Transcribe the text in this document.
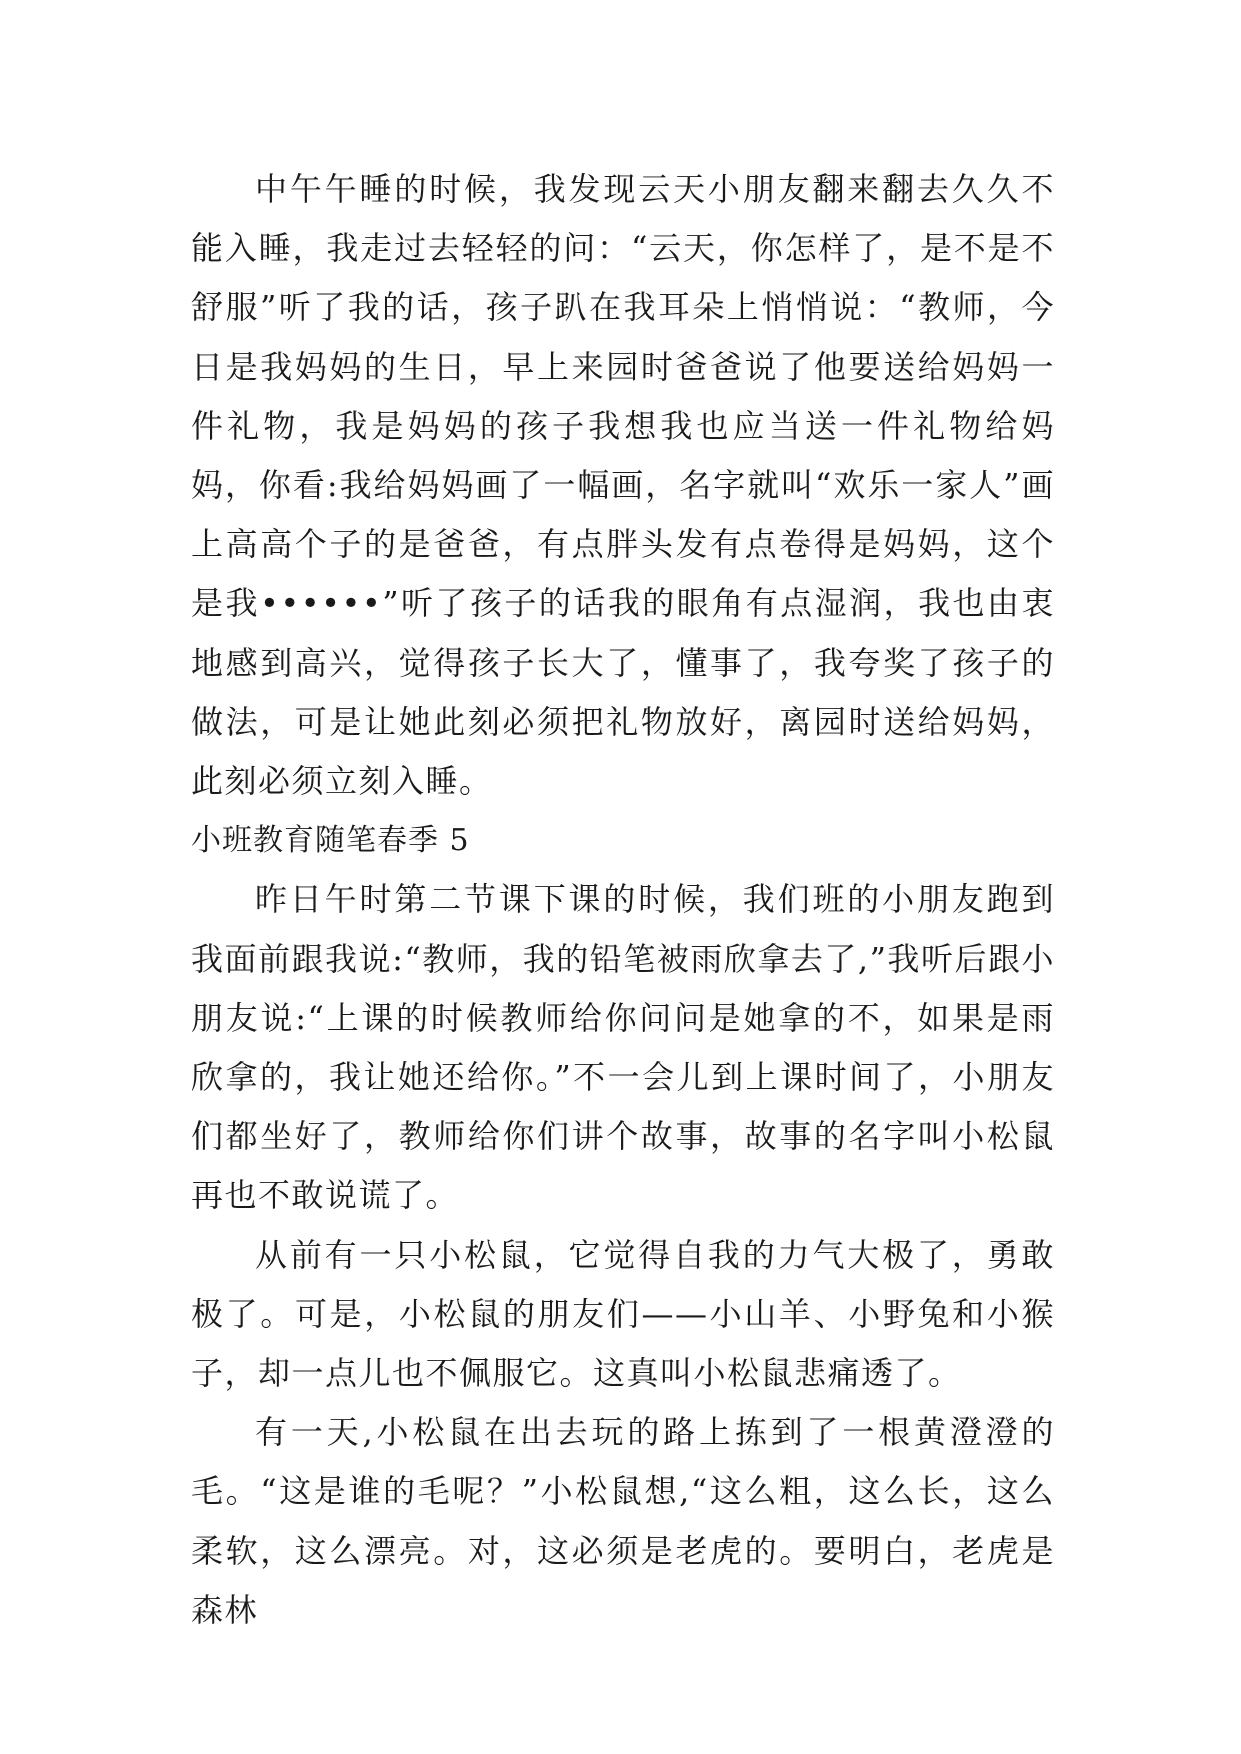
中午午睡的时候，我发现云天小朋友翻来翻去久久不能入睡，我走过去轻轻的问：“云天，你怎样了，是不是不舒服”听了我的话，孩子趴在我耳朵上悄悄说：“教师，今日是我妈妈的生日，早上来园时爸爸说了他要送给妈妈一件礼物，我是妈妈的孩子我想我也应当送一件礼物给妈妈，你看:我给妈妈画了一幅画，名字就叫“欢乐一家人”画上高高个子的是爸爸，有点胖头发有点卷得是妈妈，这个是我••••••”听了孩子的话我的眼角有点湿润，我也由衷地感到高兴，觉得孩子长大了，懂事了，我夸奖了孩子的做法，可是让她此刻必须把礼物放好，离园时送给妈妈，此刻必须立刻入睡。

小班教育随笔春季 5

昨日午时第二节课下课的时候，我们班的小朋友跑到我面前跟我说:“教师，我的铅笔被雨欣拿去了,”我听后跟小朋友说:“上课的时候教师给你问问是她拿的不，如果是雨欣拿的，我让她还给你。”不一会儿到上课时间了，小朋友们都坐好了，教师给你们讲个故事，故事的名字叫小松鼠再也不敢说谎了。

从前有一只小松鼠，它觉得自我的力气大极了，勇敢极了。可是，小松鼠的朋友们——小山羊、小野兔和小猴子，却一点儿也不佩服它。这真叫小松鼠悲痛透了。

有一天,小松鼠在出去玩的路上拣到了一根黄澄澄的毛。“这是谁的毛呢？”小松鼠想,“这么粗，这么长，这么柔软，这么漂亮。对，这必须是老虎的。要明白，老虎是森林
